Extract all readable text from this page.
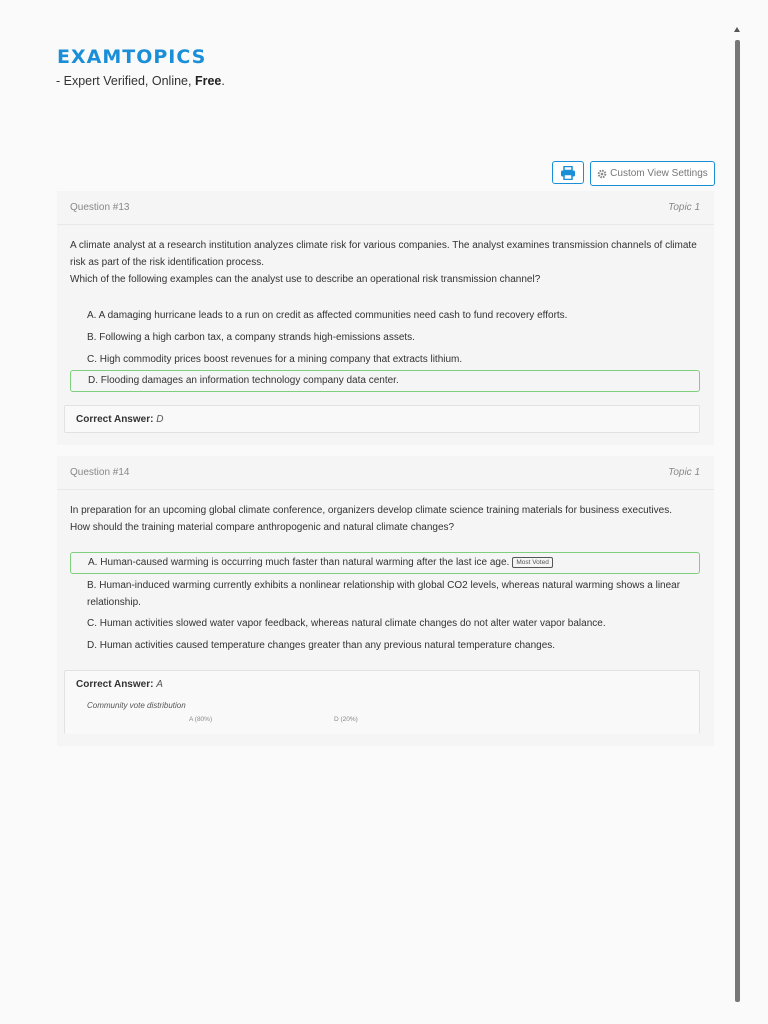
EXAMTOPICS
- Expert Verified, Online, Free.
Custom View Settings
Question #13	Topic 1
A climate analyst at a research institution analyzes climate risk for various companies. The analyst examines transmission channels of climate
risk as part of the risk identification process.
Which of the following examples can the analyst use to describe an operational risk transmission channel?
A. A damaging hurricane leads to a run on credit as affected communities need cash to fund recovery efforts.
B. Following a high carbon tax, a company strands high-emissions assets.
C. High commodity prices boost revenues for a mining company that extracts lithium.
D. Flooding damages an information technology company data center.
Correct Answer: D
Question #14	Topic 1
In preparation for an upcoming global climate conference, organizers develop climate science training materials for business executives.
How should the training material compare anthropogenic and natural climate changes?
A. Human-caused warming is occurring much faster than natural warming after the last ice age. Most Voted
B. Human-induced warming currently exhibits a nonlinear relationship with global CO2 levels, whereas natural warming shows a linear
relationship.
C. Human activities slowed water vapor feedback, whereas natural climate changes do not alter water vapor balance.
D. Human activities caused temperature changes greater than any previous natural temperature changes.
Correct Answer: A
Community vote distribution
A (80%)	D (20%)
